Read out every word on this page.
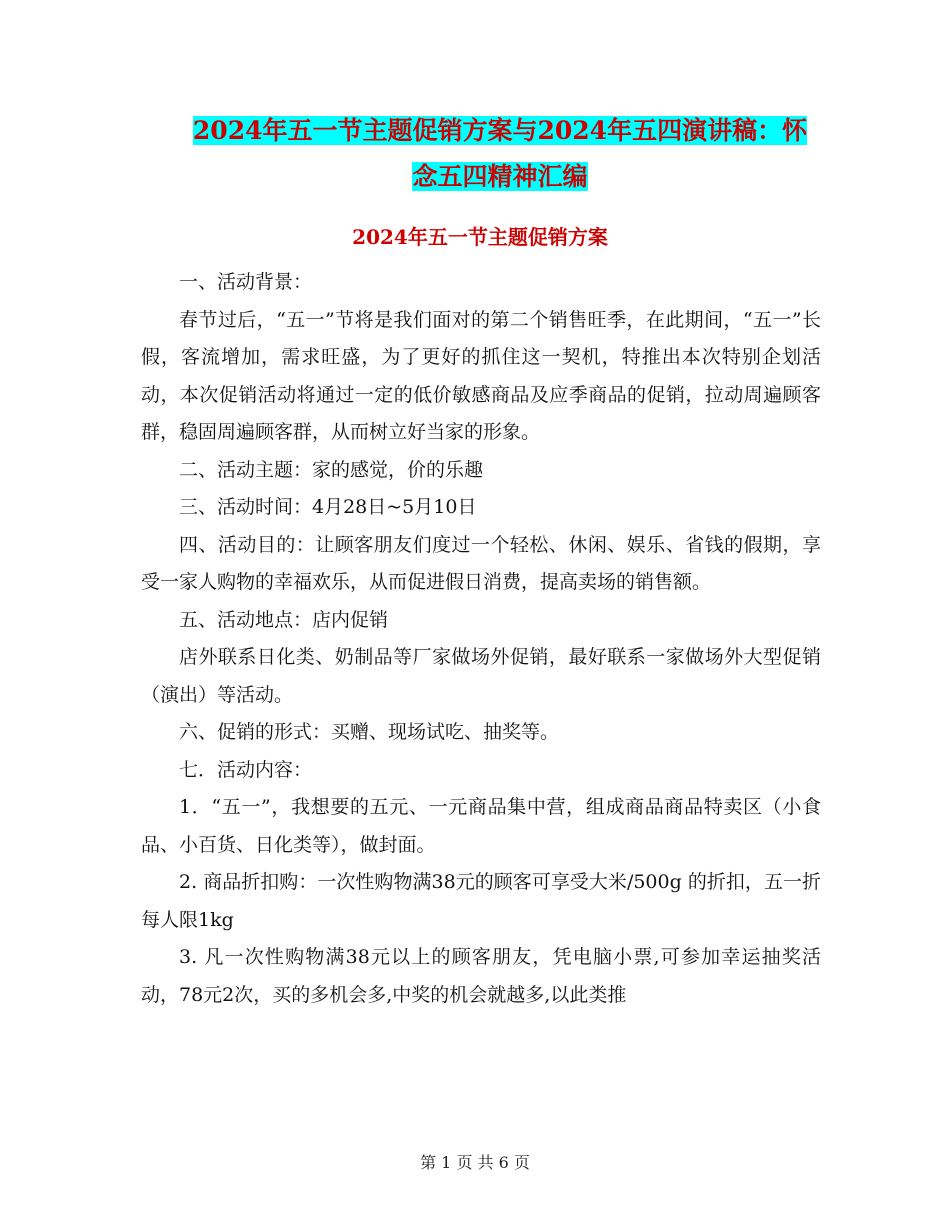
2024年五一节主题促销方案与2024年五四演讲稿：怀
念五四精神汇编
2024年五一节主题促销方案

一、活动背景：

春节过后，“五一”节将是我们面对的第二个销售旺季，在此期间，“五一”长假，客流增加，需求旺盛，为了更好的抓住这一契机，特推出本次特别企划活动，本次促销活动将通过一定的低价敏感商品及应季商品的促销，拉动周遍顾客群，稳固周遍顾客群，从而树立好当家的形象。

二、活动主题：家的感觉，价的乐趣

三、活动时间：4月28日~5月10日

四、活动目的：让顾客朋友们度过一个轻松、休闲、娱乐、省钱的假期，享受一家人购物的幸福欢乐，从而促进假日消费，提高卖场的销售额。

五、活动地点：店内促销

店外联系日化类、奶制品等厂家做场外促销，最好联系一家做场外大型促销（演出）等活动。

六、促销的形式：买赠、现场试吃、抽奖等。

七．活动内容：

1．“五一”，我想要的五元、一元商品集中营，组成商品商品特卖区（小食品、小百货、日化类等），做封面。

2. 商品折扣购：一次性购物满38元的顾客可享受大米/500g 的折扣，五一折每人限1kg

3. 凡一次性购物满38元以上的顾客朋友，凭电脑小票,可参加幸运抽奖活动，78元2次，买的多机会多,中奖的机会就越多,以此类推

第 1 页 共 6 页
